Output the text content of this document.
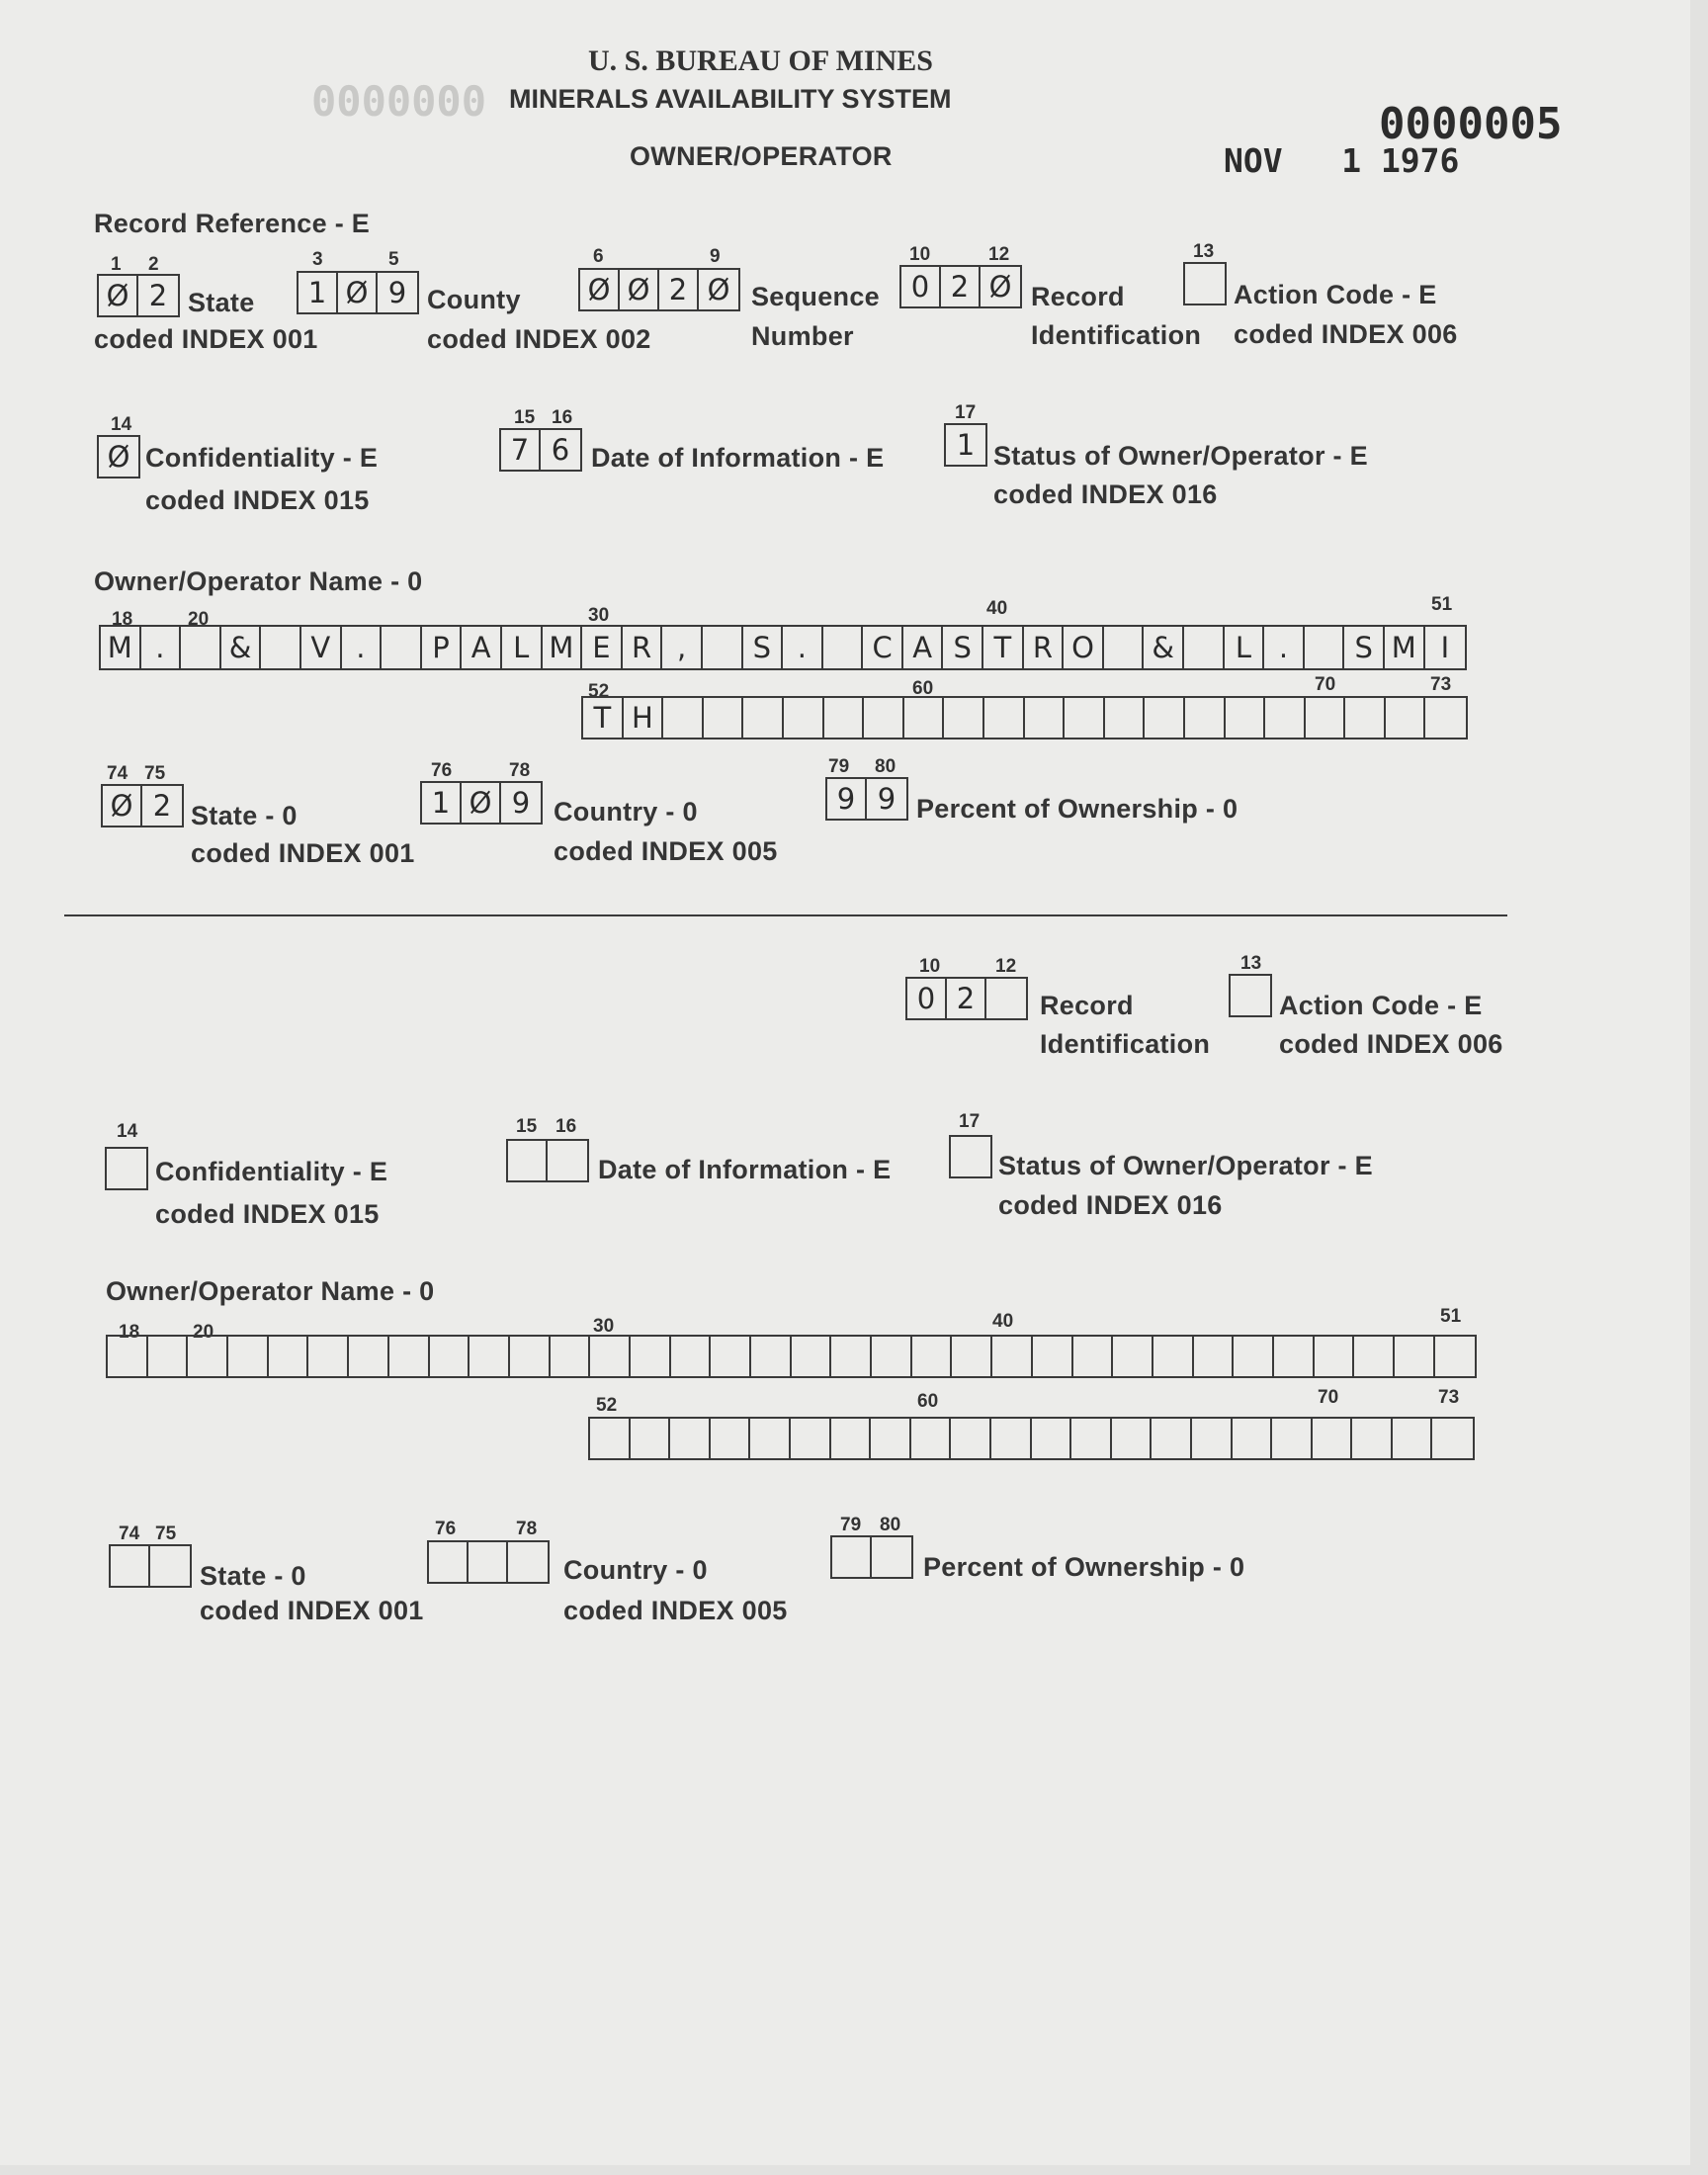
0000000
U. S. BUREAU OF MINES
MINERALS AVAILABILITY SYSTEM	0000005
OWNER/OPERATOR	NOV   1 1976
Record Reference - E
1 2
Ø 2 State
coded INDEX 001
3	5
1 Ø 9 County
coded INDEX 002
6	9
Ø Ø 2 Ø Sequence
Number
10	12
0 2 Ø Record
Identification
13
Action Code - E
coded INDEX 006
14
Ø Confidentiality - E
coded INDEX 015
15 16
7 6 Date of Information - E
17
1 Status of Owner/Operator - E
coded INDEX 016
Owner/Operator Name - 0
18	20	30	40	51
M .	&	V .	P A L M E R ,	S .	C A S T R O	&	L .	S M I
52	60	70	73
T H
74 75
Ø 2 State - 0
coded INDEX 001
76	78
1 Ø 9 Country - 0
coded INDEX 005
79 80
9 9 Percent of Ownership - 0
10	12
0 2	Record
Identification
13
Action Code - E
coded INDEX 006
14
Confidentiality - E
coded INDEX 015
15 16
Date of Information - E
17
Status of Owner/Operator - E
coded INDEX 016
Owner/Operator Name - 0
18	20	30	40	51
52	60	70	73
74 75
State - 0
coded INDEX 001
76	78
Country - 0
coded INDEX 005
79 80
Percent of Ownership - 0
